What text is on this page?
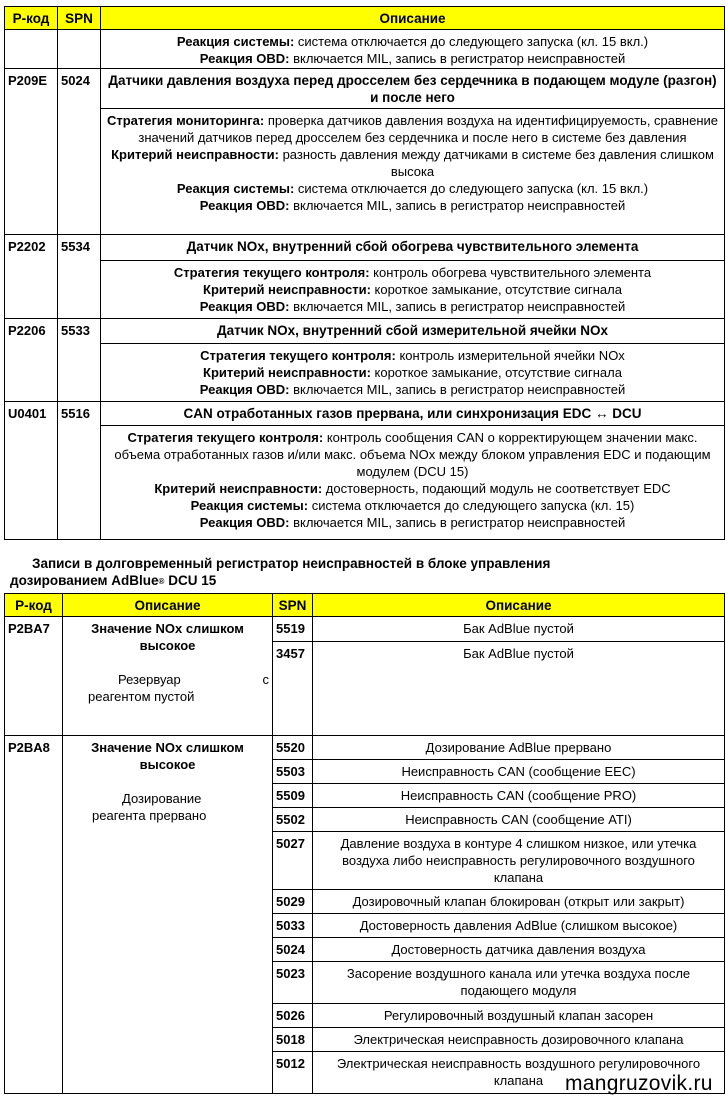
Р-код	SPN	Описание

		Реакция системы: система отключается до следующего запуска (кл. 15 вкл.)
Реакция OBD: включается MIL, запись в регистратор неисправностей

P209E	5024	Датчики давления воздуха перед дросселем без сердечника в подающем модуле (разгон) и после него

		Стратегия мониторинга: проверка датчиков давления воздуха на идентифицируемость, сравнение значений датчиков перед дросселем без сердечника и после него в системе без давления
Критерий неисправности: разность давления между датчиками в системе без давления слишком высока
Реакция системы: система отключается до следующего запуска (кл. 15 вкл.)
Реакция OBD: включается MIL, запись в регистратор неисправностей

P2202	5534	Датчик NOx, внутренний сбой обогрева чувствительного элемента

		Стратегия текущего контроля: контроль обогрева чувствительного элемента
Критерий неисправности: короткое замыкание, отсутствие сигнала
Реакция OBD: включается MIL, запись в регистратор неисправностей

P2206	5533	Датчик NOx, внутренний сбой измерительной ячейки NOx

		Стратегия текущего контроля: контроль измерительной ячейки NOx
Критерий неисправности: короткое замыкание, отсутствие сигнала
Реакция OBD: включается MIL, запись в регистратор неисправностей

U0401	5516	CAN отработанных газов прервана, или синхронизация EDC ↔ DCU

		Стратегия текущего контроля: контроль сообщения CAN о корректирующем значении макс. объема отработанных газов и/или макс. объема NOx между блоком управления EDC и подающим модулем (DCU 15)
Критерий неисправности: достоверность, подающий модуль не соответствует EDC
Реакция системы: система отключается до следующего запуска (кл. 15)
Реакция OBD: включается MIL, запись в регистратор неисправностей
Записи в долговременный регистратор неисправностей в блоке управления
дозированием AdBlue® DCU 15
Р-код	Описание	SPN	Описание
P2BA7	Значение NOx слишком высокое
Резервуар с
реагентом пустой	5519	Бак AdBlue пустой
		3457	Бак AdBlue пустой
P2BA8	Значение NOx слишком высокое
Дозирование
реагента прервано	5520	Дозирование AdBlue прервано
		5503	Неисправность CAN (сообщение EEC)
		5509	Неисправность CAN (сообщение PRO)
		5502	Неисправность CAN (сообщение ATI)
		5027	Давление воздуха в контуре 4 слишком низкое, или утечка воздуха либо неисправность регулировочного воздушного клапана
		5029	Дозировочный клапан блокирован (открыт или закрыт)
		5033	Достоверность давления AdBlue (слишком высокое)
		5024	Достоверность датчика давления воздуха
		5023	Засорение воздушного канала или утечка воздуха после подающего модуля
		5026	Регулировочный воздушный клапан засорен
		5018	Электрическая неисправность дозировочного клапана
		5012	Электрическая неисправность воздушного регулировочного клапана mangruzovik.ru
